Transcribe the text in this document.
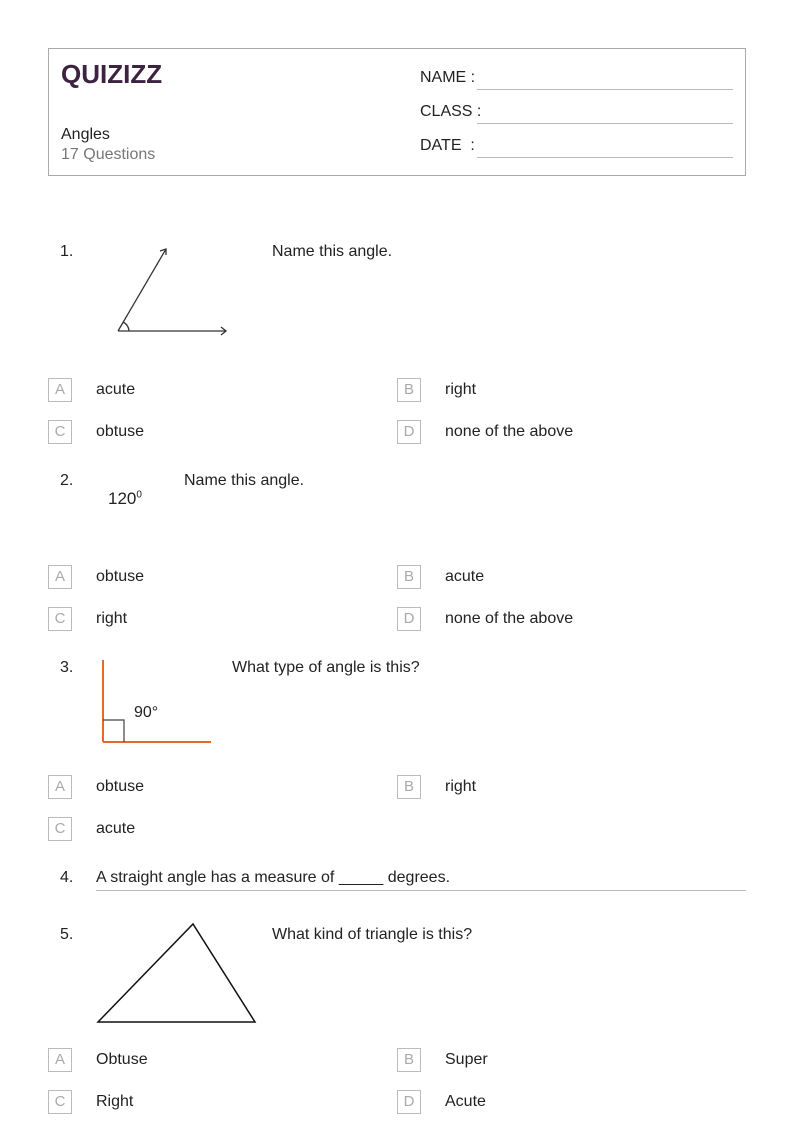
QUIZIZZ
Angles
17 Questions
NAME :
CLASS :
DATE  :
1.	Name this angle.
A	acute	B	right
C	obtuse	D	none of the above
2.
$120^0$
Name this angle.
A	obtuse	B	acute
C	right	D	none of the above
3.
90°
What type of angle is this?
A	obtuse	B	right
C	acute
4. A straight angle has a measure of _____ degrees.
5.	What kind of triangle is this?
A	Obtuse	B	Super
C	Right	D	Acute
